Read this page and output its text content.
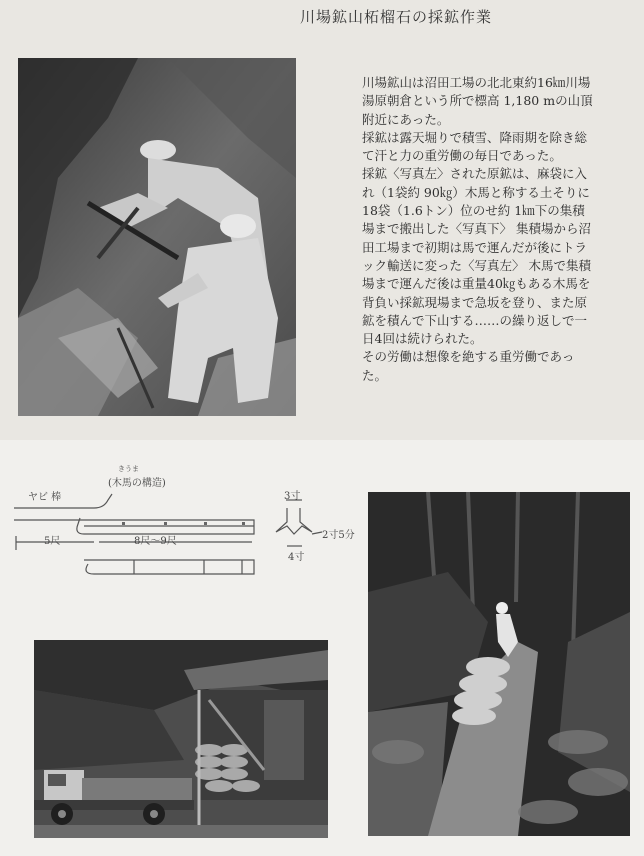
川場鉱山柘榴石の採鉱作業

川場鉱山は沼田工場の北北東約16㎞川場湯原朝倉という所で標高 1,180 mの山頂附近にあった。

採鉱は露天堀りで積雪、降雨期を除き総て汗と力の重労働の毎日であった。

採鉱〈写真左〉された原鉱は、麻袋に入れ（1袋約 90㎏）木馬と称する土そりに 18袋（1.6トン）位のせ約 1㎞下の集積場まで搬出した〈写真下〉 集積場から沼田工場まで初期は馬で運んだが後にトラック輸送に変った〈写真左〉 木馬で集積場まで運んだ後は重量40㎏もある木馬を背負い採鉱現場まで急坂を登り、また原鉱を積んで下山する……の繰り返しで一日4回は続けられた。

その労働は想像を絶する重労働であった。

ヤビ 棒
(木馬の構造)
きうま
5尺	8尺〜9尺
3寸
2寸5分
4寸
